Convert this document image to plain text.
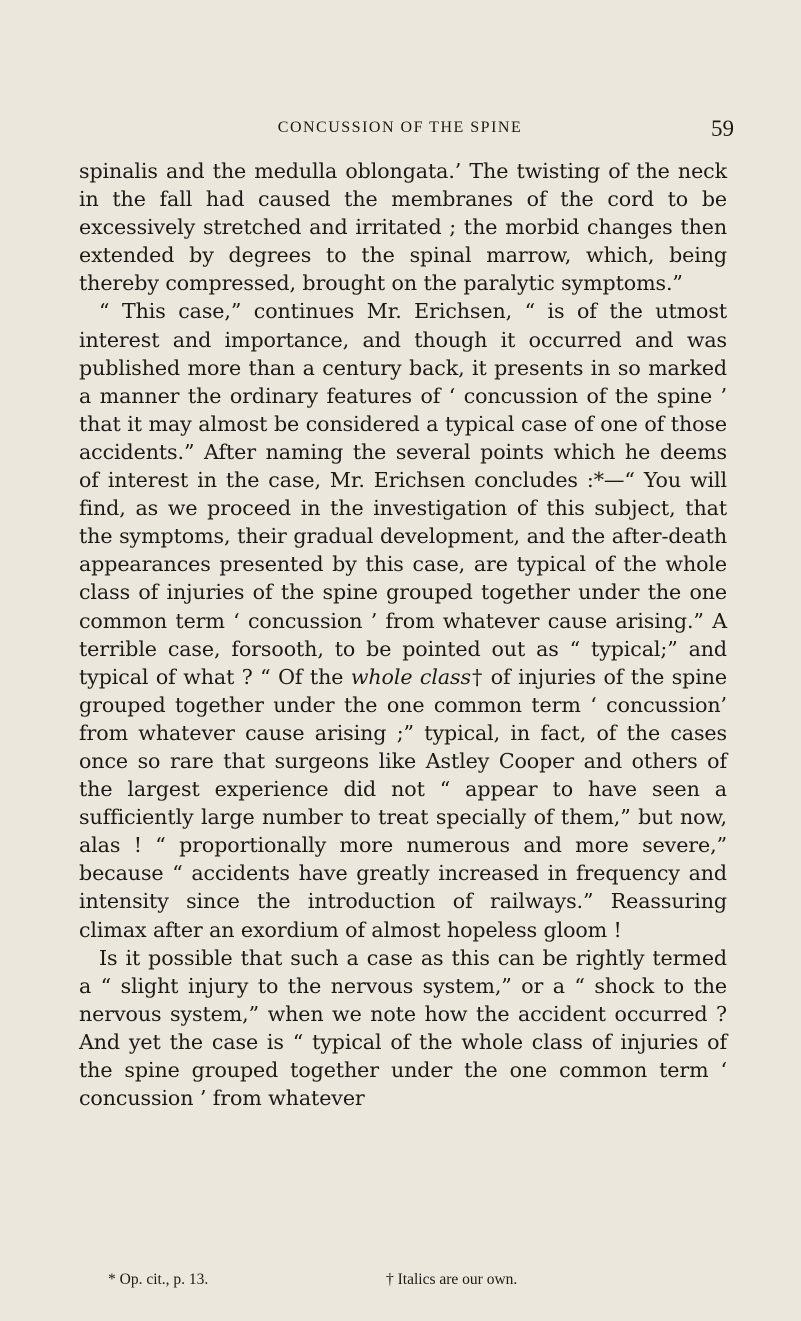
CONCUSSION OF THE SPINE	59

spinalis and the medulla oblongata.’ The twisting of the neck in the fall had caused the membranes of the cord to be excessively stretched and irritated ; the morbid changes then extended by degrees to the spinal marrow, which, being thereby compressed, brought on the paralytic symptoms.”

“ This case,” continues Mr. Erichsen, “ is of the utmost interest and importance, and though it occurred and was published more than a century back, it presents in so marked a manner the ordinary features of ‘ concussion of the spine ’ that it may almost be considered a typical case of one of those accidents.” After naming the several points which he deems of interest in the case, Mr. Erichsen concludes :*—“ You will find, as we proceed in the investigation of this subject, that the symptoms, their gradual development, and the after-death appearances presented by this case, are typical of the whole class of injuries of the spine grouped together under the one common term ‘ concussion ’ from whatever cause arising.” A terrible case, forsooth, to be pointed out as “ typical;” and typical of what ? “ Of the whole class† of injuries of the spine grouped together under the one common term ‘ concussion’ from whatever cause arising ;” typical, in fact, of the cases once so rare that surgeons like Astley Cooper and others of the largest experience did not “ appear to have seen a sufficiently large number to treat specially of them,” but now, alas ! “ proportionally more numerous and more severe,” because “ accidents have greatly increased in frequency and intensity since the introduction of railways.” Reassuring climax after an exordium of almost hopeless gloom !

Is it possible that such a case as this can be rightly termed a “ slight injury to the nervous system,” or a “ shock to the nervous system,” when we note how the accident occurred ? And yet the case is “ typical of the whole class of injuries of the spine grouped together under the one common term ‘ concussion ’ from whatever

* Op. cit., p. 13.	† Italics are our own.
